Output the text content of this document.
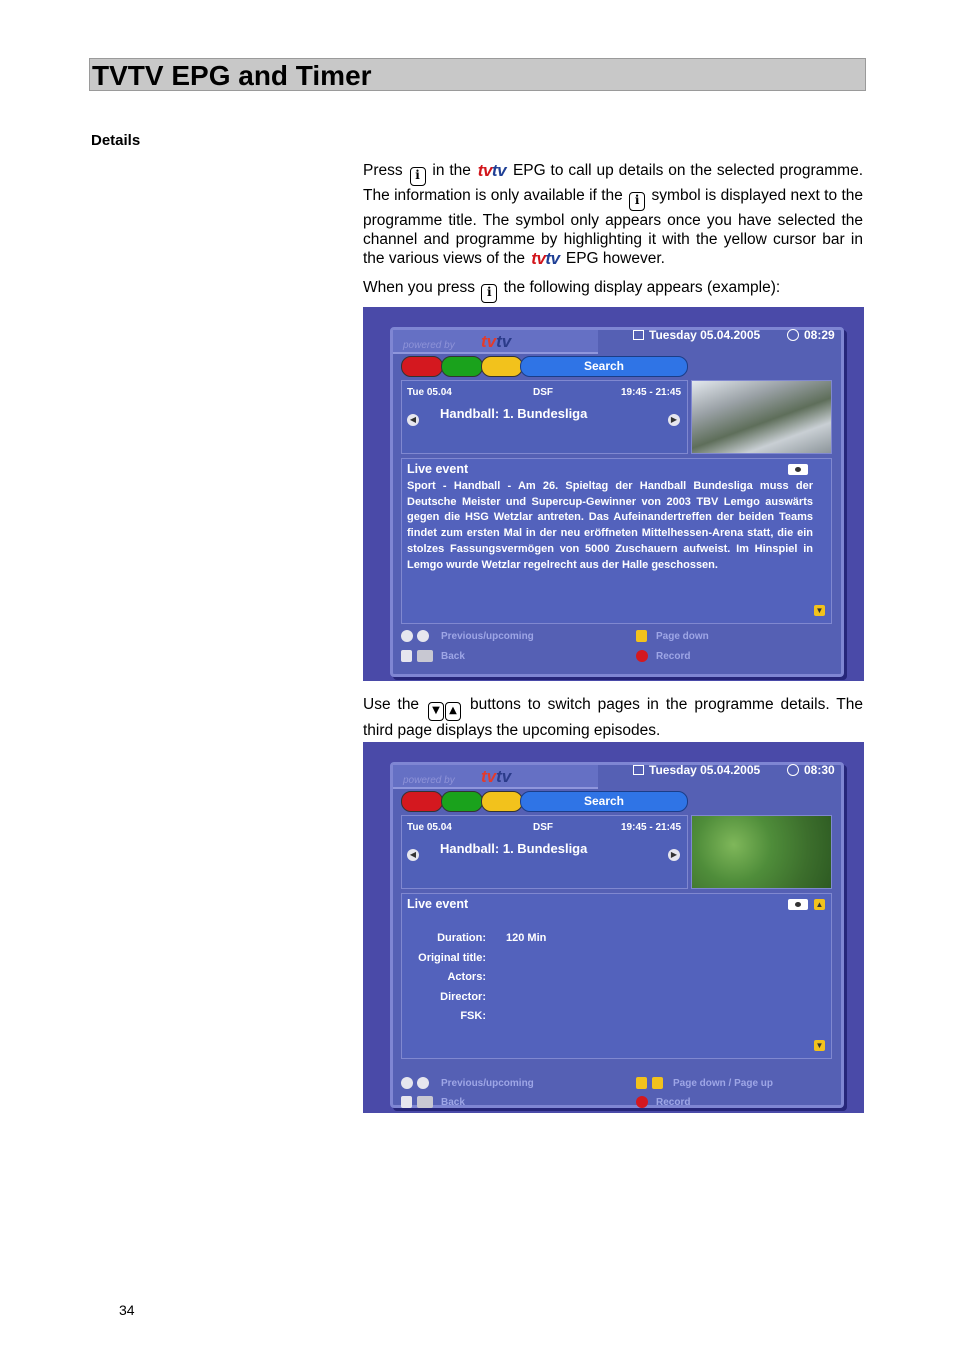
TVTV EPG and Timer
Details
Press i in the tvtv EPG to call up details on the selected programme. The information is only available if the i symbol is displayed next to the programme title. The symbol only appears once you have selected the channel and programme by highlighting it with the yellow cursor bar in the various views of the tvtv EPG however.
When you press i the following display appears (example):
powered by tvtv	Tuesday 05.04.2005	08:29
Search
Tue 05.04	DSF	19:45 - 21:45
Handball: 1. Bundesliga
◀	▶
Live event
Sport - Handball - Am 26. Spieltag der Handball Bundesliga muss der Deutsche Meister und Supercup-Gewinner von 2003 TBV Lemgo auswärts gegen die HSG Wetzlar antreten. Das Aufeinandertreffen der beiden Teams findet zum ersten Mal in der neu eröffneten Mittelhessen-Arena statt, die ein stolzes Fassungsvermögen von 5000 Zuschauern aufweist. Im Hinspiel in Lemgo wurde Wetzlar regelrecht aus der Halle geschossen.
▼
Previous/upcoming
Back
Page down
Record
Use the ▼ ▲ buttons to switch pages in the programme details. The third page displays the upcoming episodes.
powered by tvtv	Tuesday 05.04.2005	08:30
Search
Tue 05.04	DSF	19:45 - 21:45
Handball: 1. Bundesliga
◀	▶
Live event	▲
Duration: 120 Min
Original title:
Actors:
Director:
FSK:
▼
Previous/upcoming
Back
Page down / Page up
Record
34
